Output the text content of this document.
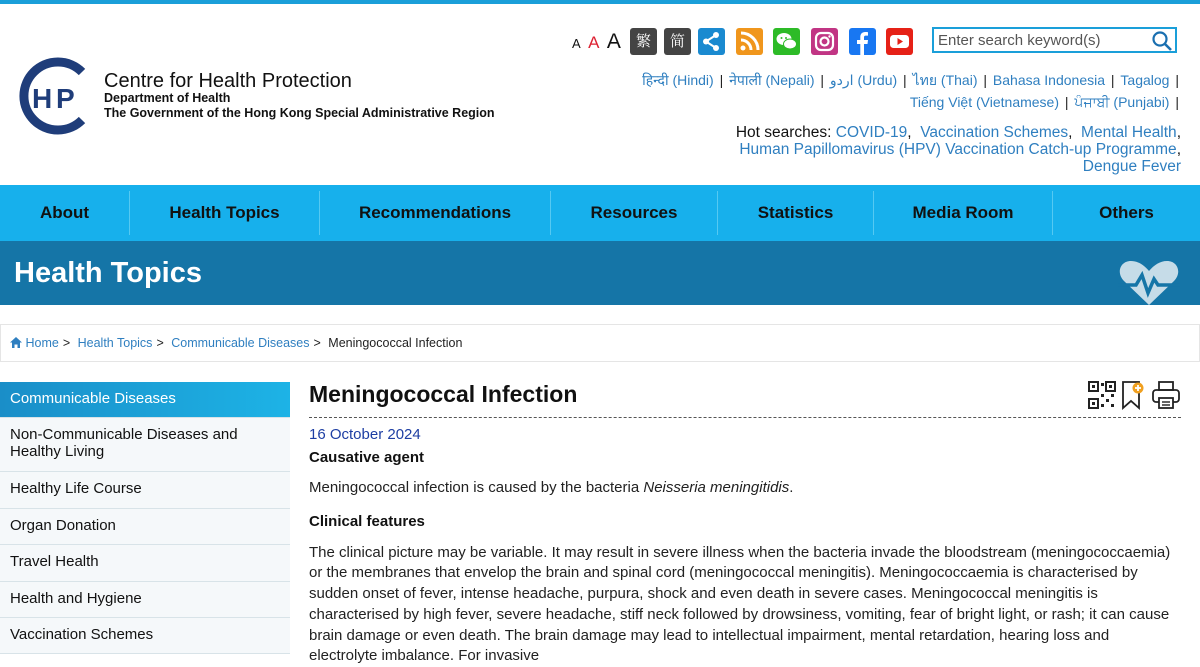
H P
Centre for Health Protection
Department of Health
The Government of the Hong Kong Special Administrative Region
A A A	繁	简
Enter search keyword(s)
हिन्दी (Hindi) | नेपाली (Nepali) | اردو (Urdu) | ไทย (Thai) | Bahasa Indonesia | Tagalog |
Tiếng Việt (Vietnamese) | ਪੰਜਾਬੀ (Punjabi) |
Hot searches: COVID-19,  Vaccination Schemes,  Mental Health,
Human Papillomavirus (HPV) Vaccination Catch-up Programme,
Dengue Fever
About	Health Topics	Recommendations	Resources	Statistics	Media Room	Others
Health Topics
Home > Health Topics > Communicable Diseases > Meningococcal Infection
Communicable Diseases
Non-Communicable Diseases and Healthy Living
Healthy Life Course
Organ Donation
Travel Health
Health and Hygiene
Vaccination Schemes
Meningococcal Infection
16 October 2024
Causative agent
Meningococcal infection is caused by the bacteria Neisseria meningitidis.
Clinical features
The clinical picture may be variable. It may result in severe illness when the bacteria invade the bloodstream (meningococcaemia) or the membranes that envelop the brain and spinal cord (meningococcal meningitis). Meningococcaemia is characterised by sudden onset of fever, intense headache, purpura, shock and even death in severe cases. Meningococcal meningitis is characterised by high fever, severe headache, stiff neck followed by drowsiness, vomiting, fear of bright light, or rash; it can cause brain damage or even death. The brain damage may lead to intellectual impairment, mental retardation, hearing loss and electrolyte imbalance. For invasive
